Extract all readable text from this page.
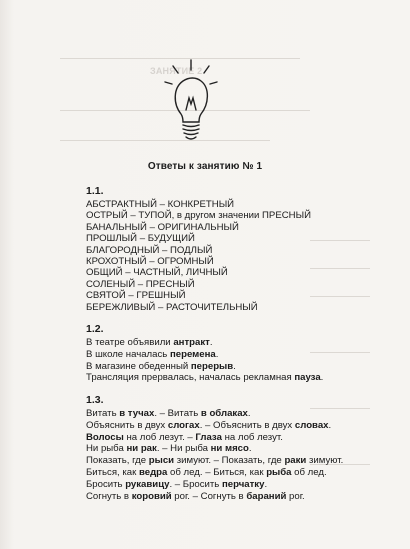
ЗАНЯТИЕ 2
Ответы к занятию № 1
1.1.
АБСТРАКТНЫЙ – КОНКРЕТНЫЙ
ОСТРЫЙ – ТУПОЙ, в другом значении ПРЕСНЫЙ
БАНАЛЬНЫЙ – ОРИГИНАЛЬНЫЙ
ПРОШЛЫЙ – БУДУЩИЙ
БЛАГОРОДНЫЙ – ПОДЛЫЙ
КРОХОТНЫЙ – ОГРОМНЫЙ
ОБЩИЙ – ЧАСТНЫЙ, ЛИЧНЫЙ
СОЛЕНЫЙ – ПРЕСНЫЙ
СВЯТОЙ – ГРЕШНЫЙ
БЕРЕЖЛИВЫЙ – РАСТОЧИТЕЛЬНЫЙ
1.2.
В театре объявили антракт.
В школе началась перемена.
В магазине обеденный перерыв.
Трансляция прервалась, началась рекламная пауза.
1.3.
Витать в тучах. – Витать в облаках.
Объяснить в двух слогах. – Объяснить в двух словах.
Волосы на лоб лезут. – Глаза на лоб лезут.
Ни рыба ни рак. – Ни рыба ни мясо.
Показать, где рыси зимуют. – Показать, где раки зимуют.
Биться, как ведра об лед. – Биться, как рыба об лед.
Бросить рукавицу. – Бросить перчатку.
Согнуть в коровий рог. – Согнуть в бараний рог.
